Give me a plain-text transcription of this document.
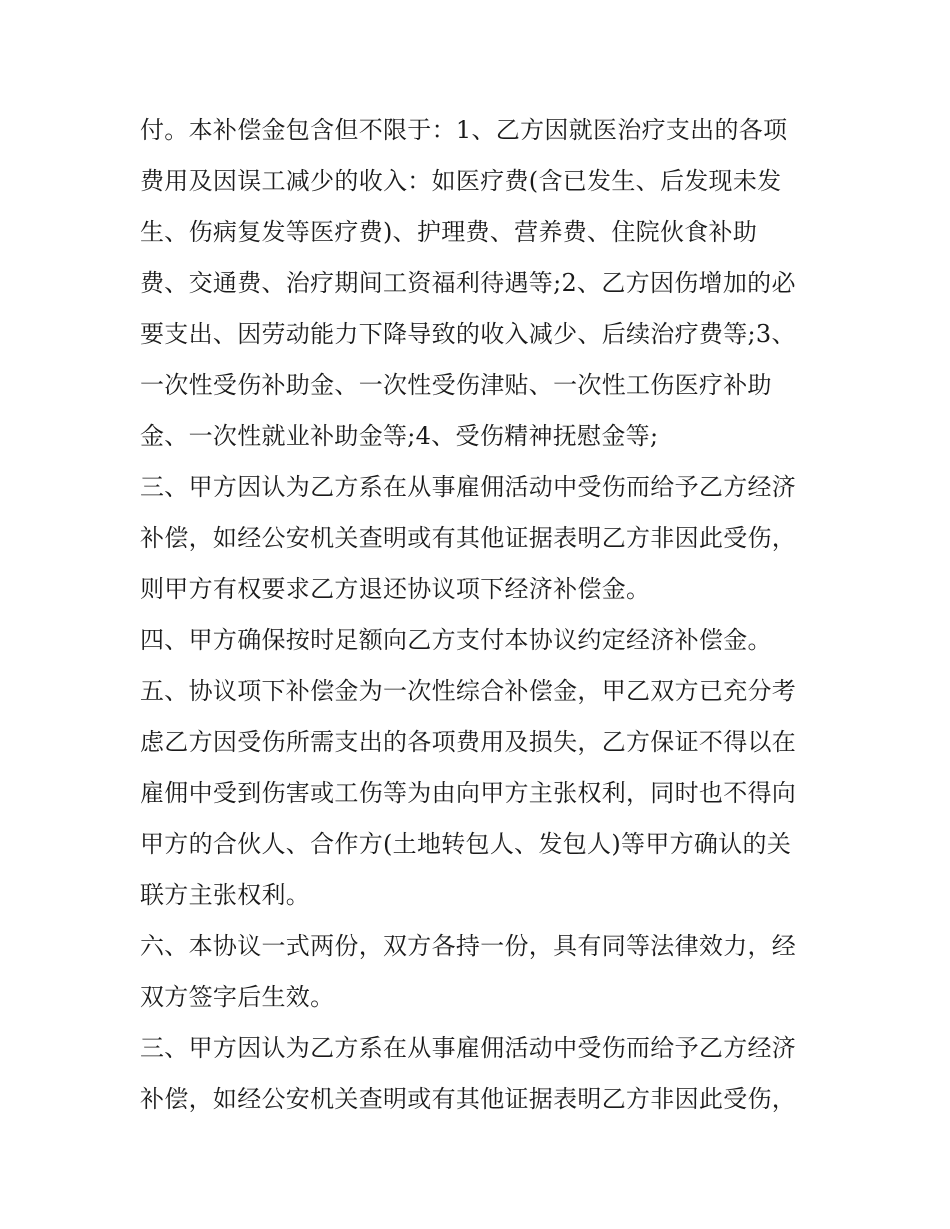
付。本补偿金包含但不限于：1、乙方因就医治疗支出的各项
费用及因误工减少的收入：如医疗费(含已发生、后发现未发
生、伤病复发等医疗费)、护理费、营养费、住院伙食补助
费、交通费、治疗期间工资福利待遇等;2、乙方因伤增加的必
要支出、因劳动能力下降导致的收入减少、后续治疗费等;3、
一次性受伤补助金、一次性受伤津贴、一次性工伤医疗补助
金、一次性就业补助金等;4、受伤精神抚慰金等;
三、甲方因认为乙方系在从事雇佣活动中受伤而给予乙方经济
补偿，如经公安机关查明或有其他证据表明乙方非因此受伤，
则甲方有权要求乙方退还协议项下经济补偿金。
四、甲方确保按时足额向乙方支付本协议约定经济补偿金。
五、协议项下补偿金为一次性综合补偿金，甲乙双方已充分考
虑乙方因受伤所需支出的各项费用及损失，乙方保证不得以在
雇佣中受到伤害或工伤等为由向甲方主张权利，同时也不得向
甲方的合伙人、合作方(土地转包人、发包人)等甲方确认的关
联方主张权利。
六、本协议一式两份，双方各持一份，具有同等法律效力，经
双方签字后生效。
三、甲方因认为乙方系在从事雇佣活动中受伤而给予乙方经济
补偿，如经公安机关查明或有其他证据表明乙方非因此受伤，
